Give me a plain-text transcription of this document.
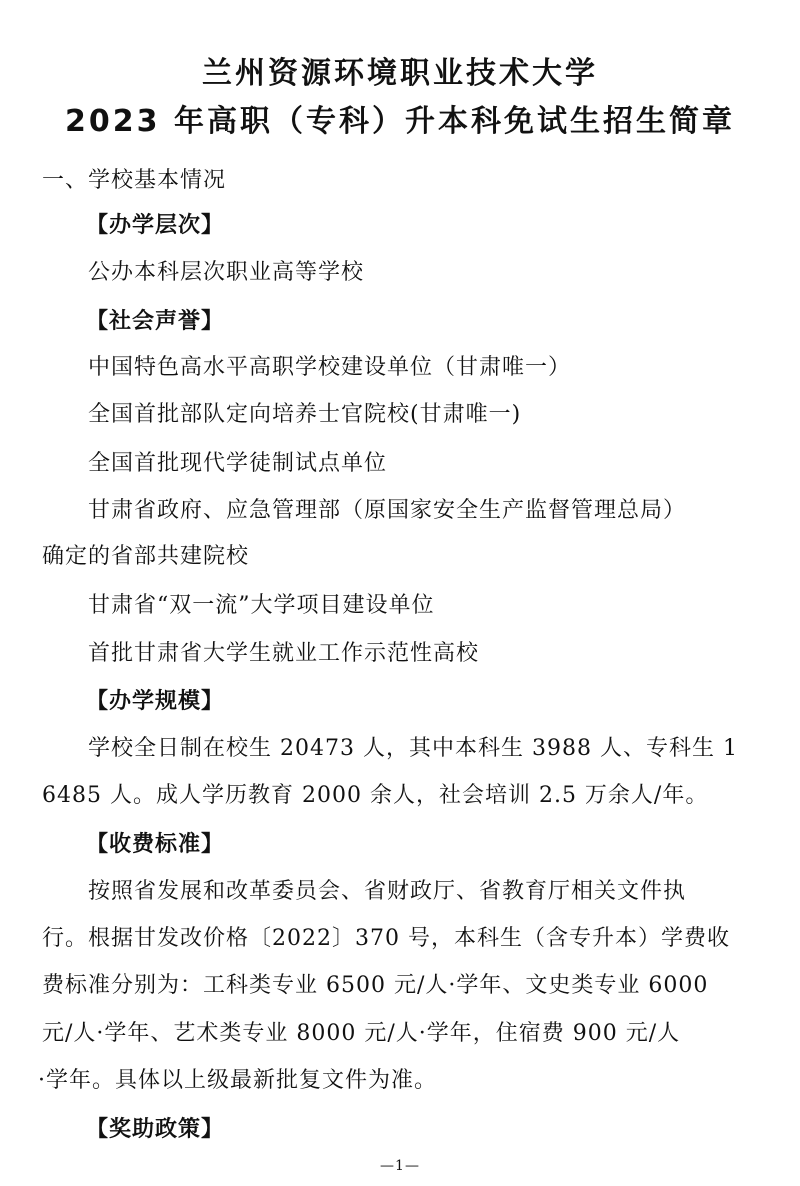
兰州资源环境职业技术大学
2023 年高职（专科）升本科免试生招生简章
一、学校基本情况
【办学层次】
公办本科层次职业高等学校
【社会声誉】
中国特色高水平高职学校建设单位（甘肃唯一）
全国首批部队定向培养士官院校(甘肃唯一)
全国首批现代学徒制试点单位
甘肃省政府、应急管理部（原国家安全生产监督管理总局）
确定的省部共建院校
甘肃省“双一流”大学项目建设单位
首批甘肃省大学生就业工作示范性高校
【办学规模】
学校全日制在校生 20473 人，其中本科生 3988 人、专科生 1
6485 人。成人学历教育 2000 余人，社会培训 2.5 万余人/年。
【收费标准】
按照省发展和改革委员会、省财政厅、省教育厅相关文件执
行。根据甘发改价格〔2022〕370 号，本科生（含专升本）学费收
费标准分别为：工科类专业 6500 元/人·学年、文史类专业 6000
元/人·学年、艺术类专业 8000 元/人·学年，住宿费 900 元/人
·学年。具体以上级最新批复文件为准。
【奖助政策】
—1—
